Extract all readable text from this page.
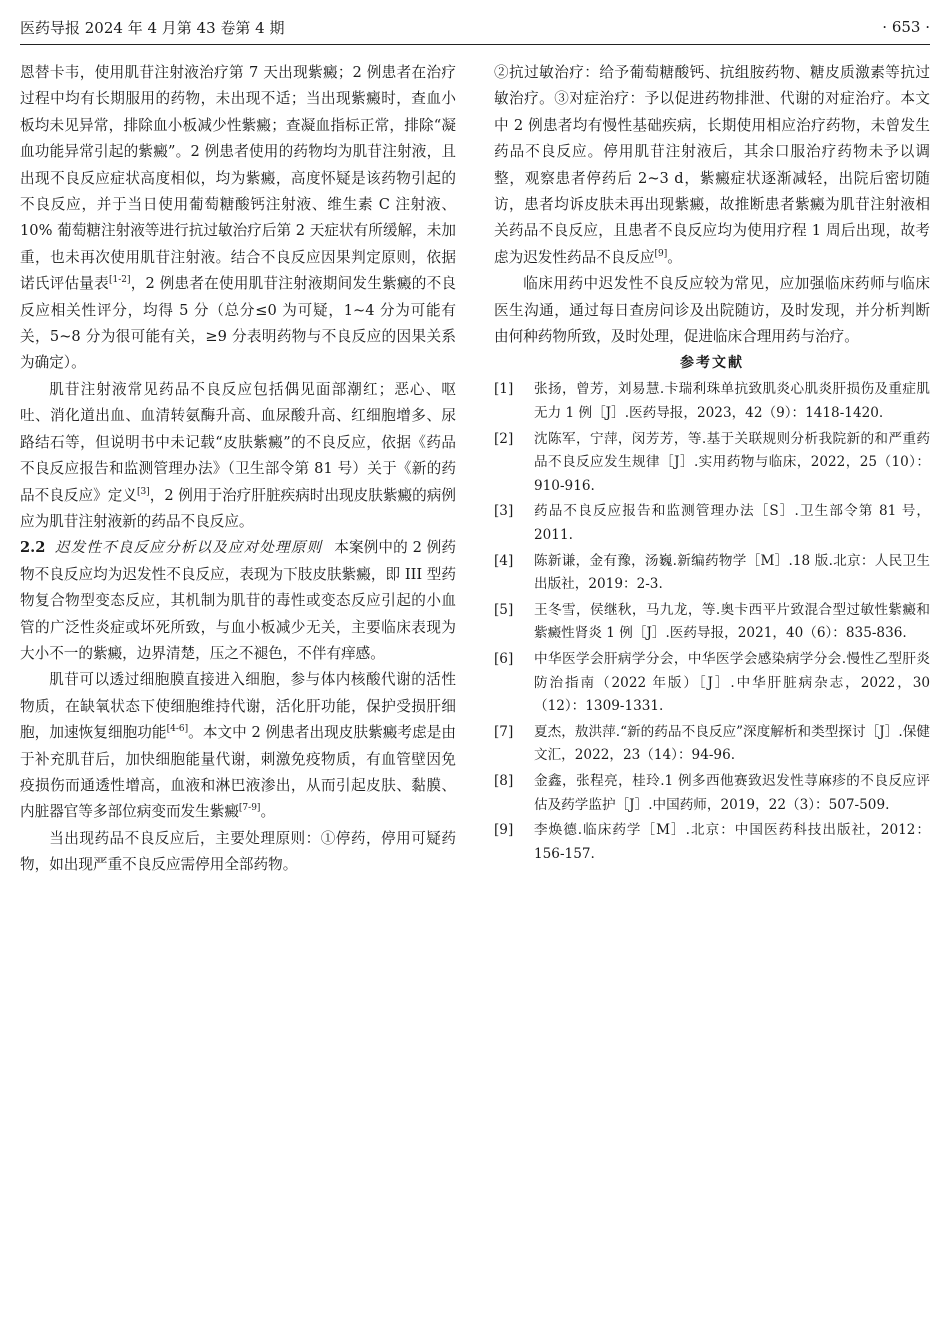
医药导报 2024 年 4 月第 43 卷第 4 期	· 653 ·

恩替卡韦，使用肌苷注射液治疗第 7 天出现紫癜；2 例患者在治疗过程中均有长期服用的药物，未出现不适；当出现紫癜时，查血小板均未见异常，排除血小板减少性紫癜；查凝血指标正常，排除“凝血功能异常引起的紫癜”。2 例患者使用的药物均为肌苷注射液，且出现不良反应症状高度相似，均为紫癜，高度怀疑是该药物引起的不良反应，并于当日使用葡萄糖酸钙注射液、维生素 C 注射液、10% 葡萄糖注射液等进行抗过敏治疗后第 2 天症状有所缓解，未加重，也未再次使用肌苷注射液。结合不良反应因果判定原则，依据诺氏评估量表[1-2]，2 例患者在使用肌苷注射液期间发生紫癜的不良反应相关性评分，均得 5 分（总分≤0 为可疑，1~4 分为可能有关，5~8 分为很可能有关，≥9 分表明药物与不良反应的因果关系为确定）。

肌苷注射液常见药品不良反应包括偶见面部潮红；恶心、呕吐、消化道出血、血清转氨酶升高、血尿酸升高、红细胞增多、尿路结石等，但说明书中未记载“皮肤紫癜”的不良反应，依据《药品不良反应报告和监测管理办法》（卫生部令第 81 号）关于《新的药品不良反应》定义[3]，2 例用于治疗肝脏疾病时出现皮肤紫癜的病例应为肌苷注射液新的药品不良反应。

2.2 迟发性不良反应分析以及应对处理原则 本案例中的 2 例药物不良反应均为迟发性不良反应，表现为下肢皮肤紫癜，即 III 型药物复合物型变态反应，其机制为肌苷的毒性或变态反应引起的小血管的广泛性炎症或坏死所致，与血小板减少无关，主要临床表现为大小不一的紫癜，边界清楚，压之不褪色，不伴有痒感。

肌苷可以透过细胞膜直接进入细胞，参与体内核酸代谢的活性物质，在缺氧状态下使细胞维持代谢，活化肝功能，保护受损肝细胞，加速恢复细胞功能[4-6]。本文中 2 例患者出现皮肤紫癜考虑是由于补充肌苷后，加快细胞能量代谢，刺激免疫物质，有血管壁因免疫损伤而通透性增高，血液和淋巴液渗出，从而引起皮肤、黏膜、内脏器官等多部位病变而发生紫癜[7-9]。

当出现药品不良反应后，主要处理原则：①停药，停用可疑药物，如出现严重不良反应需停用全部药物。

②抗过敏治疗：给予葡萄糖酸钙、抗组胺药物、糖皮质激素等抗过敏治疗。③对症治疗：予以促进药物排泄、代谢的对症治疗。本文中 2 例患者均有慢性基础疾病，长期使用相应治疗药物，未曾发生药品不良反应。停用肌苷注射液后，其余口服治疗药物未予以调整，观察患者停药后 2~3 d，紫癜症状逐渐减轻，出院后密切随访，患者均诉皮肤未再出现紫癜，故推断患者紫癜为肌苷注射液相关药品不良反应，且患者不良反应均为使用疗程 1 周后出现，故考虑为迟发性药品不良反应[9]。

临床用药中迟发性不良反应较为常见，应加强临床药师与临床医生沟通，通过每日查房问诊及出院随访，及时发现，并分析判断由何种药物所致，及时处理，促进临床合理用药与治疗。

参考文献
[1]	张扬，曾芳，刘易慧.卡瑞利珠单抗致肌炎心肌炎肝损伤及重症肌无力 1 例［J］.医药导报，2023，42（9）：1418-1420.
[2]	沈陈军，宁萍，闵芳芳，等.基于关联规则分析我院新的和严重药品不良反应发生规律［J］.实用药物与临床，2022，25（10）：910-916.
[3]	药品不良反应报告和监测管理办法［S］.卫生部令第 81 号，2011.
[4]	陈新谦，金有豫，汤巍.新编药物学［M］.18 版.北京：人民卫生出版社，2019：2-3.
[5]	王冬雪，侯继秋，马九龙，等.奥卡西平片致混合型过敏性紫癜和紫癜性肾炎 1 例［J］.医药导报，2021，40（6）：835-836.
[6]	中华医学会肝病学分会，中华医学会感染病学分会.慢性乙型肝炎防治指南（2022 年版）［J］.中华肝脏病杂志，2022，30（12）：1309-1331.
[7]	夏杰，敖洪萍.“新的药品不良反应”深度解析和类型探讨［J］.保健文汇，2022，23（14）：94-96.
[8]	金鑫，张程亮，桂玲.1 例多西他赛致迟发性荨麻疹的不良反应评估及药学监护［J］.中国药师，2019，22（3）：507-509.
[9]	李焕德.临床药学［M］.北京：中国医药科技出版社，2012：156-157.
